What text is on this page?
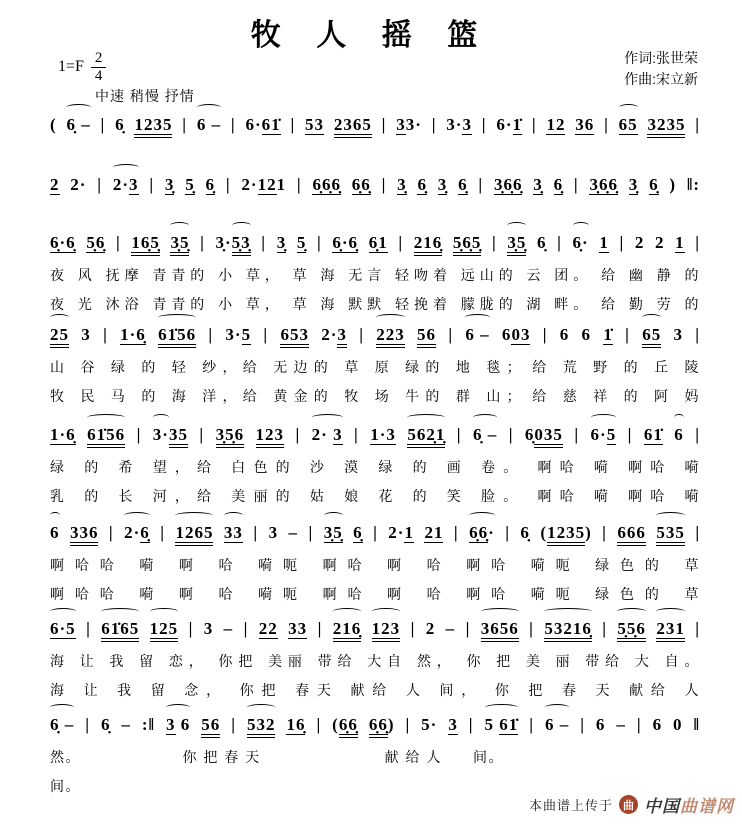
牧 人 摇 篮
$1=F \frac{2}{4}$
中速 稍慢 抒情
作词:张世荣
作曲:宋立新
( 6̣ – | 6̣ 1235 | 6 – | 6·61̇ | 53 2365 | 33· | 3·3 | 6·1̇ | 12 36 | 65 3235 |
2 2· | 2·3 | 3̣ 5̣ 6̣ | 2·121 | 6̣6̣6̣ 6̣6̣ | 3̣ 6̣ 3̣ 6̣ | 3̣6̣6̣ 3̣ 6̣ | 3̣6̣6̣ 3̣ 6̣ ) ‖:
6̣·6̣ 5̣6̣ | 16̣5̣ 3̣5̣ | 3̣·5̣3̣ | 3̣ 5̣ | 6̣·6̣ 6̣1 | 216̣ 5̣6̣5̣ | 3̣5̣ 6̣ | 6̣· 1 | 2 2 1 |
夜 风 抚摩 青青的 小 草， 草 海 无言 轻吻着 远山的 云 团。 给 幽 静 的
夜 光 沐浴 青青的 小 草， 草 海 默默 轻挽着 朦胧的 湖 畔。 给 勤 劳 的
25 3 | 1·6̣ 61̇56 | 3·5 | 653 2·3 | 223 56 | 6 – 603 | 6 6 1̇ | 65 3 |
山 谷 绿 的 轻 纱，给 无边的 草 原 绿的 地 毯； 给 荒 野 的 丘 陵
牧 民 马 的 海 洋，给 黄金的 牧 场 牛的 群 山； 给 慈 祥 的 阿 妈
1·6̣ 61̇56 | 3·35 | 3̣5̣6 123 | 2· 3 | 1·3 562̣1̣ | 6̣ – | 6̣035 | 6·5 | 61̇ 6 |
绿 的 希 望，给 白色的 沙 漠 绿 的 画 卷。 啊哈 嗬 啊哈 嗬
乳 的 长 河，给 美丽的 姑 娘 花 的 笑 脸。 啊哈 嗬 啊哈 嗬
6 336 | 2·6̣ | 1265 33 | 3 – | 3̣5̣ 6̣ | 2·1 21 | 6̣6̣· | 6̣ (1235) | 666 535 |
啊哈哈 嗬 啊 哈 嗬呃 啊哈 啊 哈 啊哈 嗬呃 绿色的 草
啊哈哈 嗬 啊 哈 嗬呃 啊哈 啊 哈 啊哈 嗬呃 绿色的 草
6·5 | 61̇65 125 | 3 – | 22 33 | 216̣ 123 | 2 – | 3656 | 53216̣ | 5̣5̣6 231 |
海 让 我 留 恋， 你把 美丽 带给 大自 然， 你 把 美 丽 带给 大 自。
海 让 我 留 念， 你把 春天 献给 人 间， 你 把 春 天 献给 人
6̣ – | 6̣ – :‖ 3 6 56 | 532 16̣ | (6̣6̣ 6̣6̣) | 5· 3 | 5 61̇ | 6 – | 6 – | 6 0 ‖
然。　　　　　　　你 把 春 天　　　　　　　　献 给 人　　间。
间。
本曲谱上传于 曲 中国曲谱网
